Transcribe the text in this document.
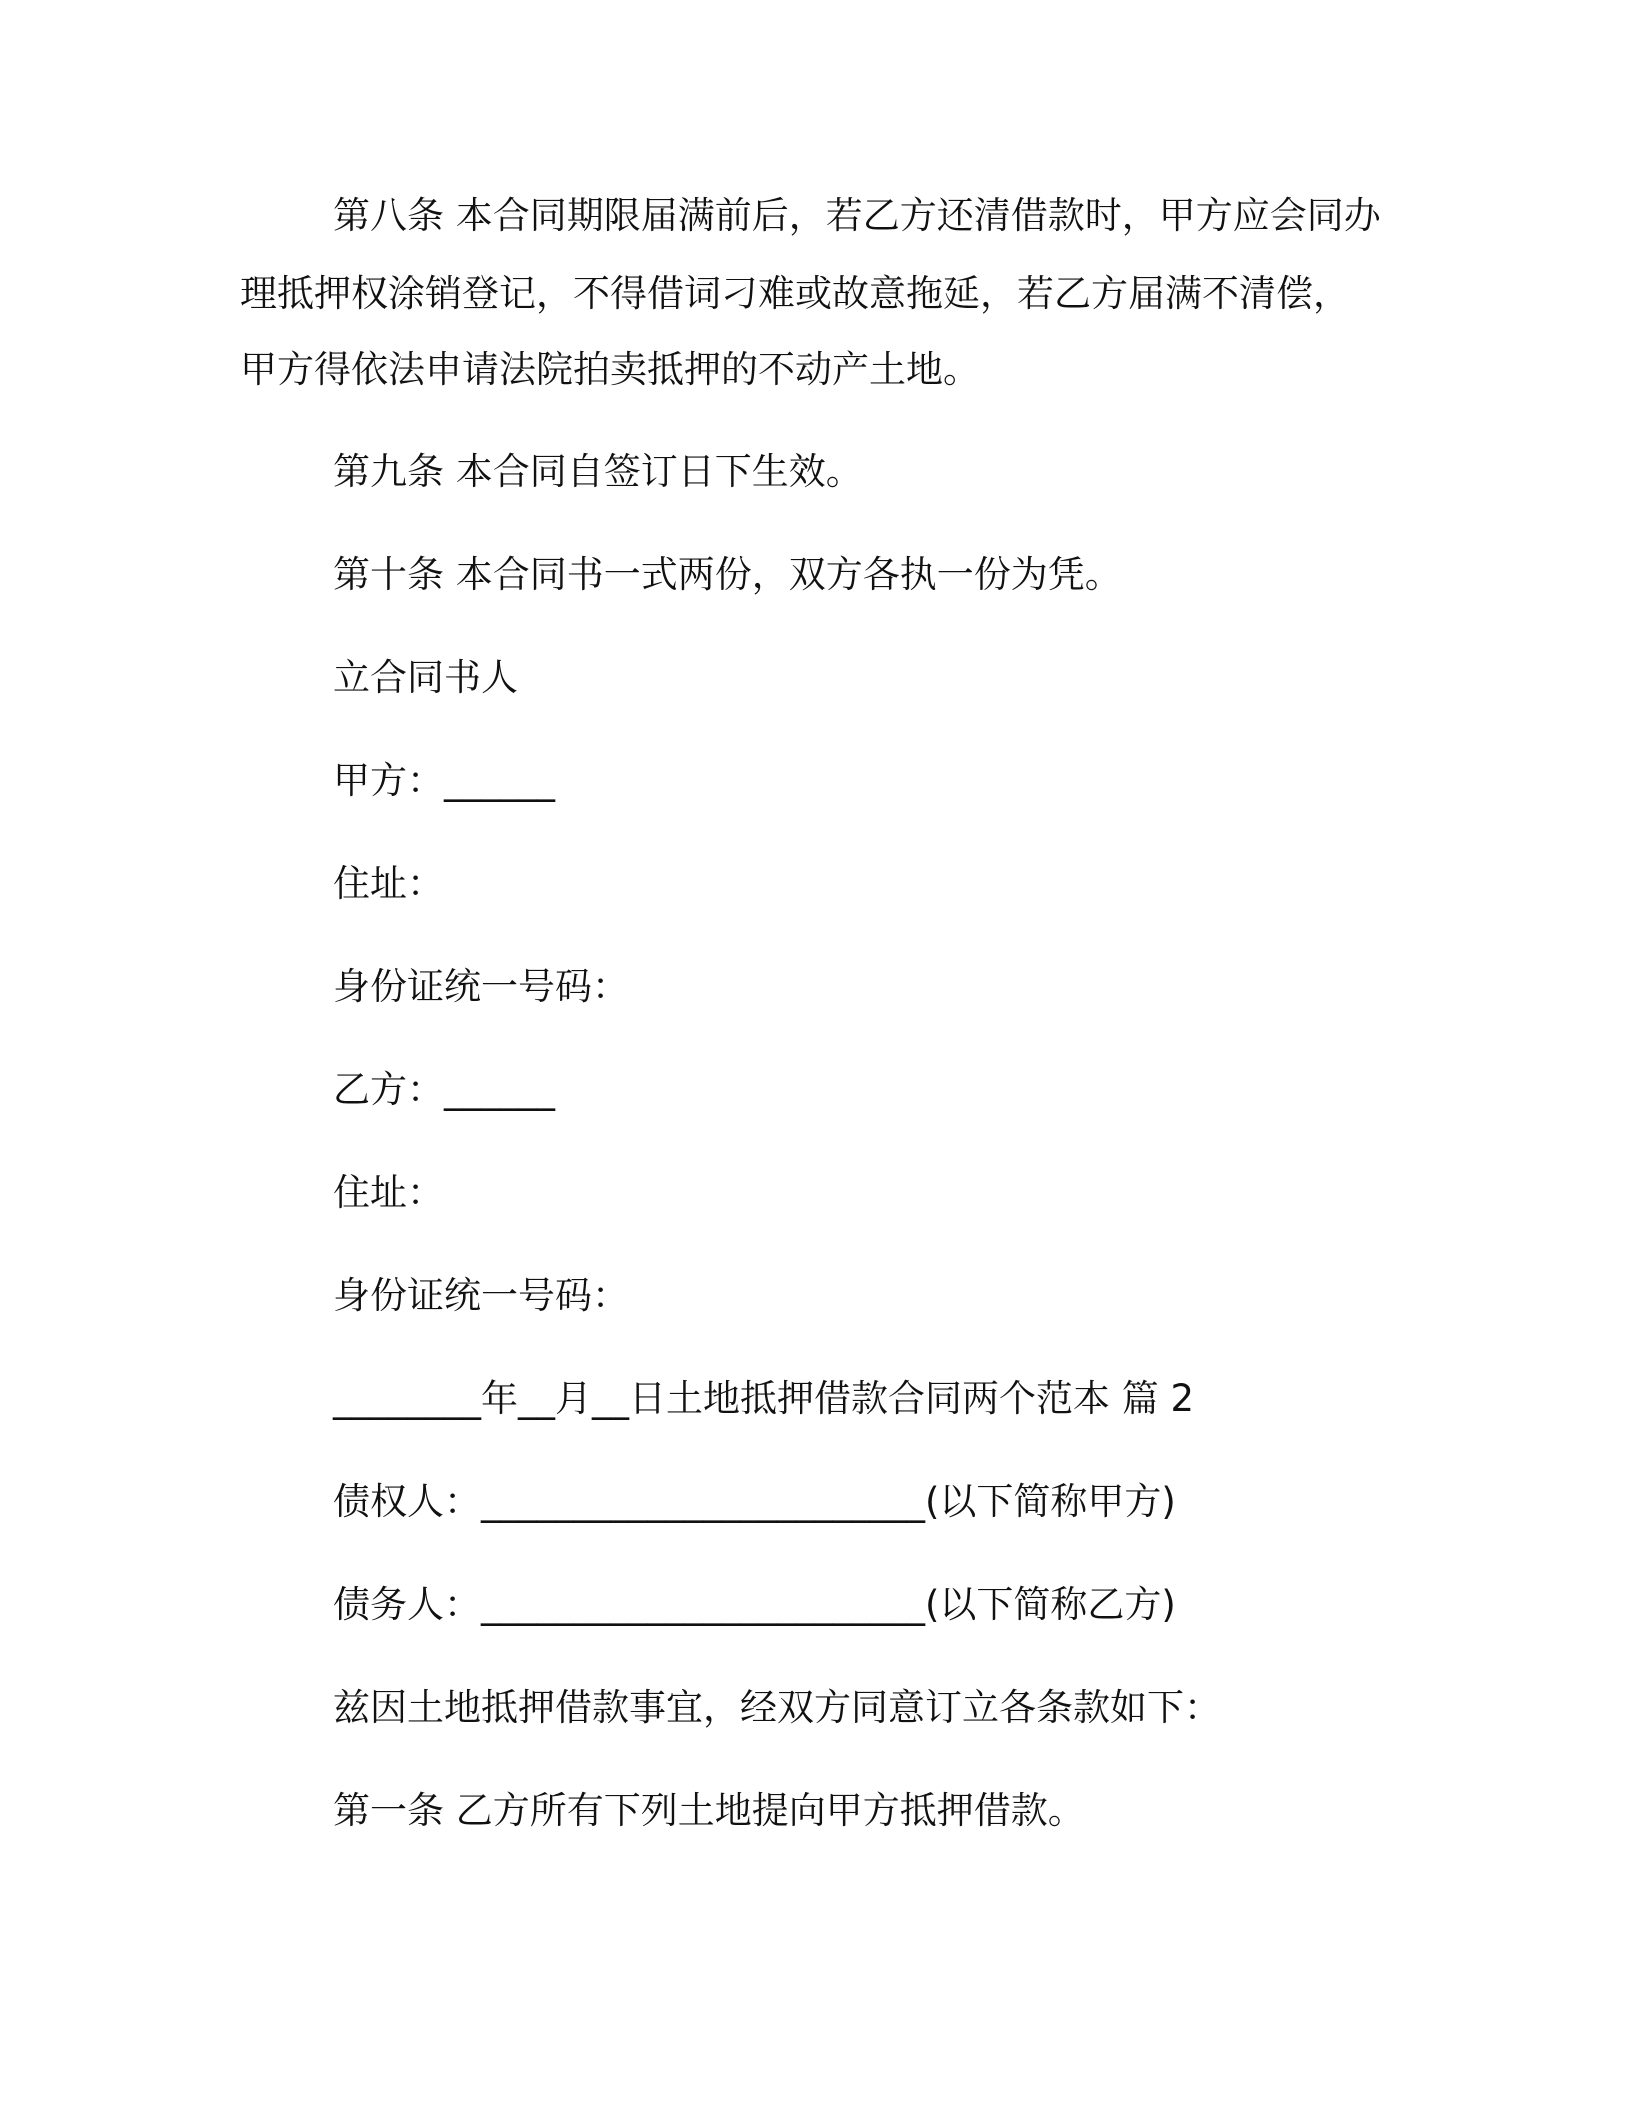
第八条 本合同期限届满前后，若乙方还清借款时，甲方应会同办

理抵押权涂销登记，不得借词刁难或故意拖延，若乙方届满不清偿，

甲方得依法申请法院拍卖抵押的不动产土地。

第九条 本合同自签订日下生效。

第十条 本合同书一式两份，双方各执一份为凭。

立合同书人

甲方：______

住址：

身份证统一号码：

乙方：______

住址：

身份证统一号码：

________年__月__日土地抵押借款合同两个范本 篇 2

债权人：________________________(以下简称甲方)

债务人：________________________(以下简称乙方)

兹因土地抵押借款事宜，经双方同意订立各条款如下：

第一条 乙方所有下列土地提向甲方抵押借款。
